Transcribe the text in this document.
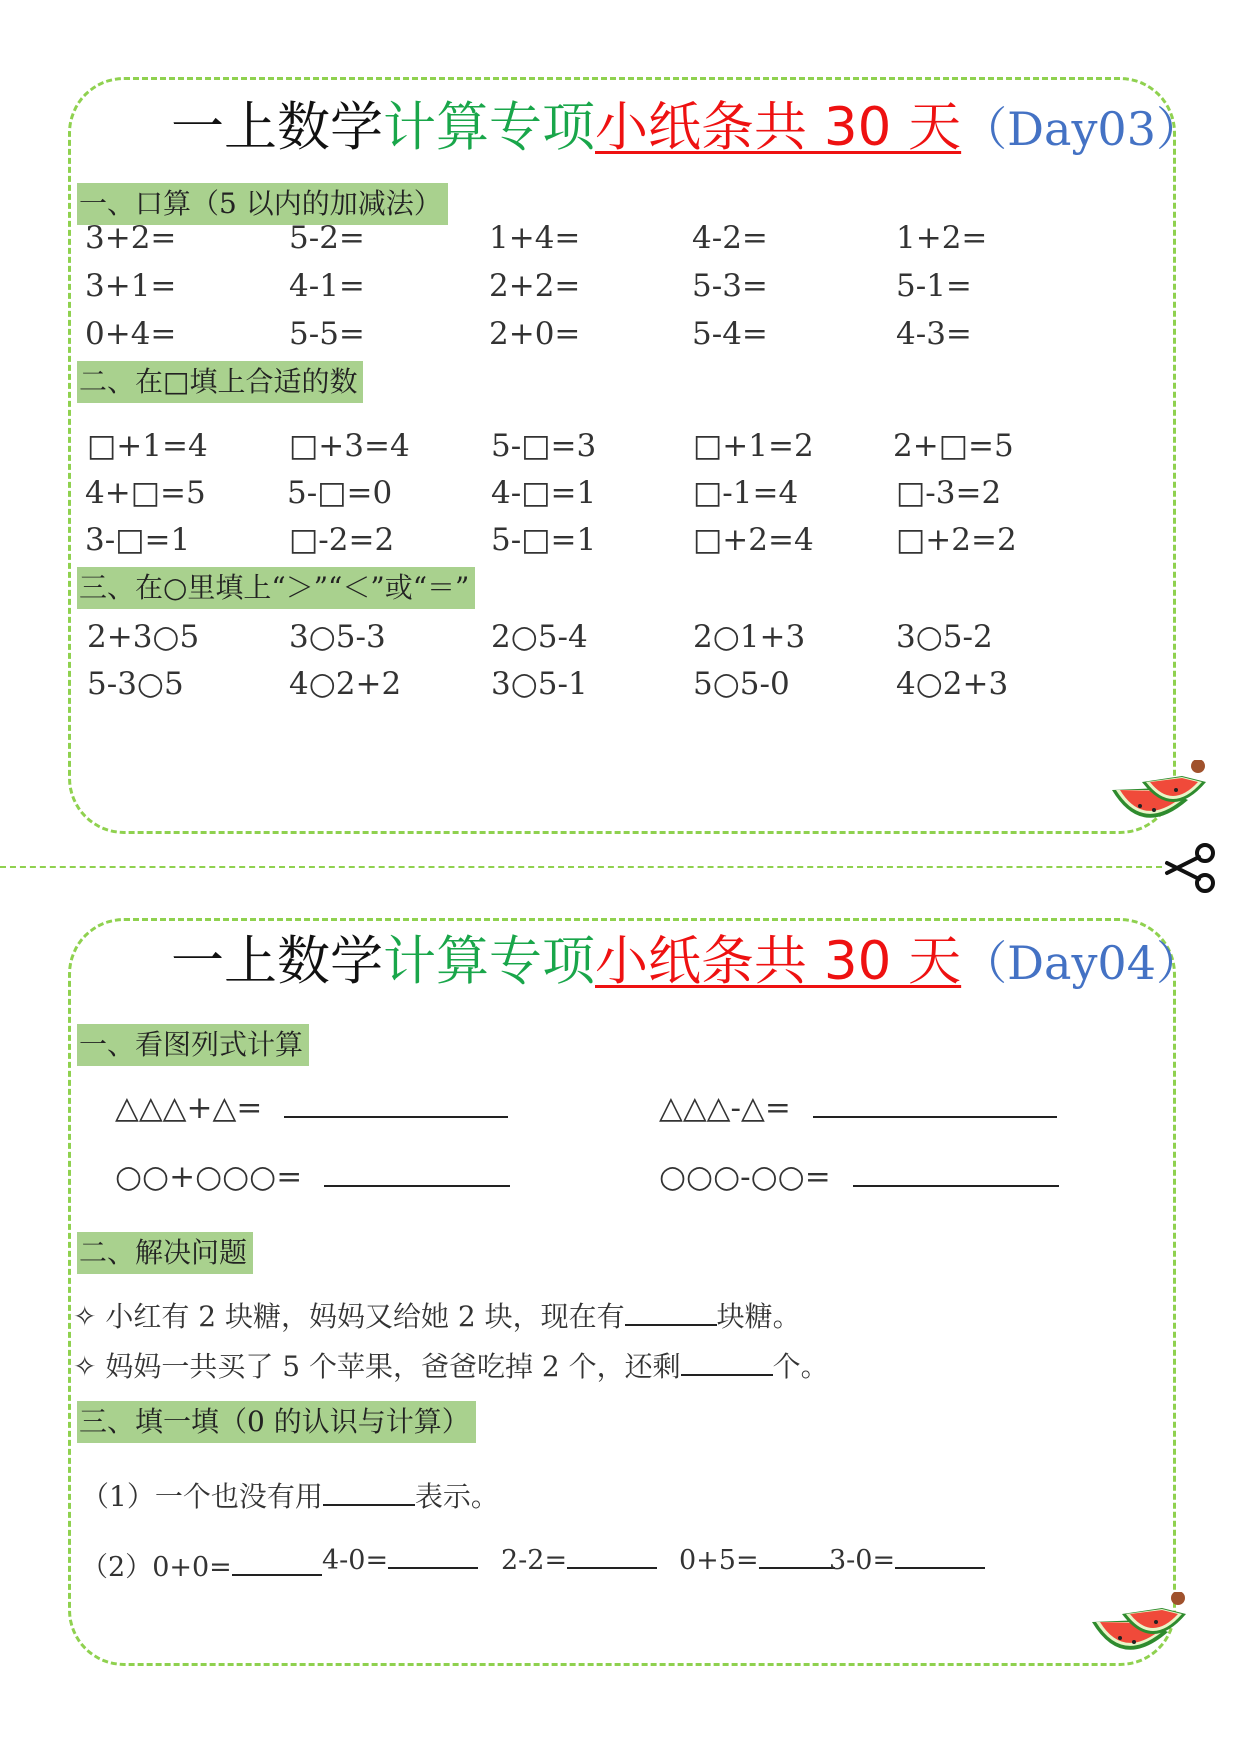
一上数学计算专项小纸条共 30 天（Day03）
一、口算（5 以内的加减法）
3+2=	5-2=	1+4=	4-2=	1+2=
3+1=	4-1=	2+2=	5-3=	5-1=
0+4=	5-5=	2+0=	5-4=	4-3=
二、在□填上合适的数
□+1=4	□+3=4	5-□=3	□+1=2	2+□=5
4+□=5	5-□=0	4-□=1	□-1=4	□-3=2
3-□=1	□-2=2	5-□=1	□+2=4	□+2=2
三、在○里填上“＞”“＜”或“＝”
2+3○5	3○5-3	2○5-4	2○1+3	3○5-2
5-3○5	4○2+2	3○5-1	5○5-0	4○2+3
一上数学计算专项小纸条共 30 天（Day04）
一、看图列式计算
△△△+△=	△△△-△=
○○+○○○=	○○○-○○=
二、解决问题
✧ 小红有 2 块糖，妈妈又给她 2 块，现在有	块糖。
✧ 妈妈一共买了 5 个苹果，爸爸吃掉 2 个，还剩	个。
三、填一填（0 的认识与计算）
（1）一个也没有用	表示。
（2）0+0=	4-0=	2-2=	0+5=	3-0=
